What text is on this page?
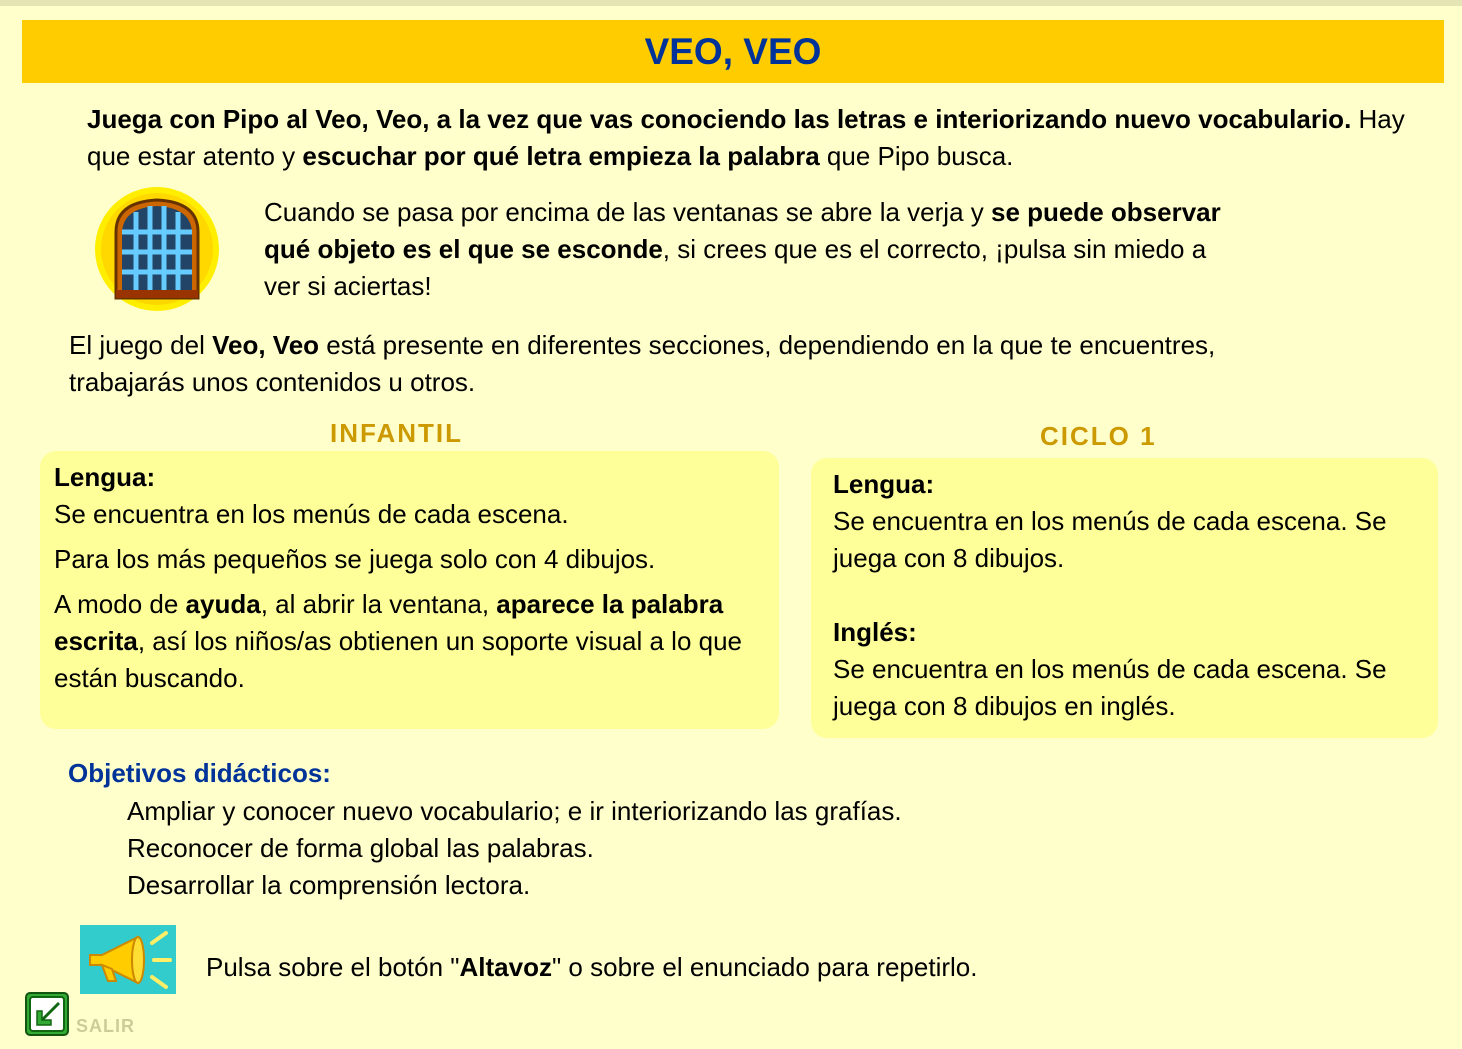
VEO, VEO

Juega con Pipo al Veo, Veo, a la vez que vas conociendo las letras e interiorizando nuevo vocabulario. Hay que estar atento y escuchar por qué letra empieza la palabra que Pipo busca.

Cuando se pasa por encima de las ventanas se abre la verja y se puede observar qué objeto es el que se esconde, si crees que es el correcto, ¡pulsa sin miedo a ver si aciertas!

El juego del Veo, Veo está presente en diferentes secciones, dependiendo en la que te encuentres, trabajarás unos contenidos u otros.

INFANTIL	CICLO 1

Lengua:

Se encuentra en los menús de cada escena.

Para los más pequeños se juega solo con 4 dibujos.

A modo de ayuda, al abrir la ventana, aparece la palabra escrita, así los niños/as obtienen un soporte visual a lo que están buscando.

Lengua:

Se encuentra en los menús de cada escena. Se juega con 8 dibujos.

Inglés:

Se encuentra en los menús de cada escena. Se juega con 8 dibujos en inglés.

Objetivos didácticos:

Ampliar y conocer nuevo vocabulario; e ir interiorizando las grafías.
Reconocer de forma global las palabras.
Desarrollar la comprensión lectora.

Pulsa sobre el botón "Altavoz" o sobre el enunciado para repetirlo.

SALIR
